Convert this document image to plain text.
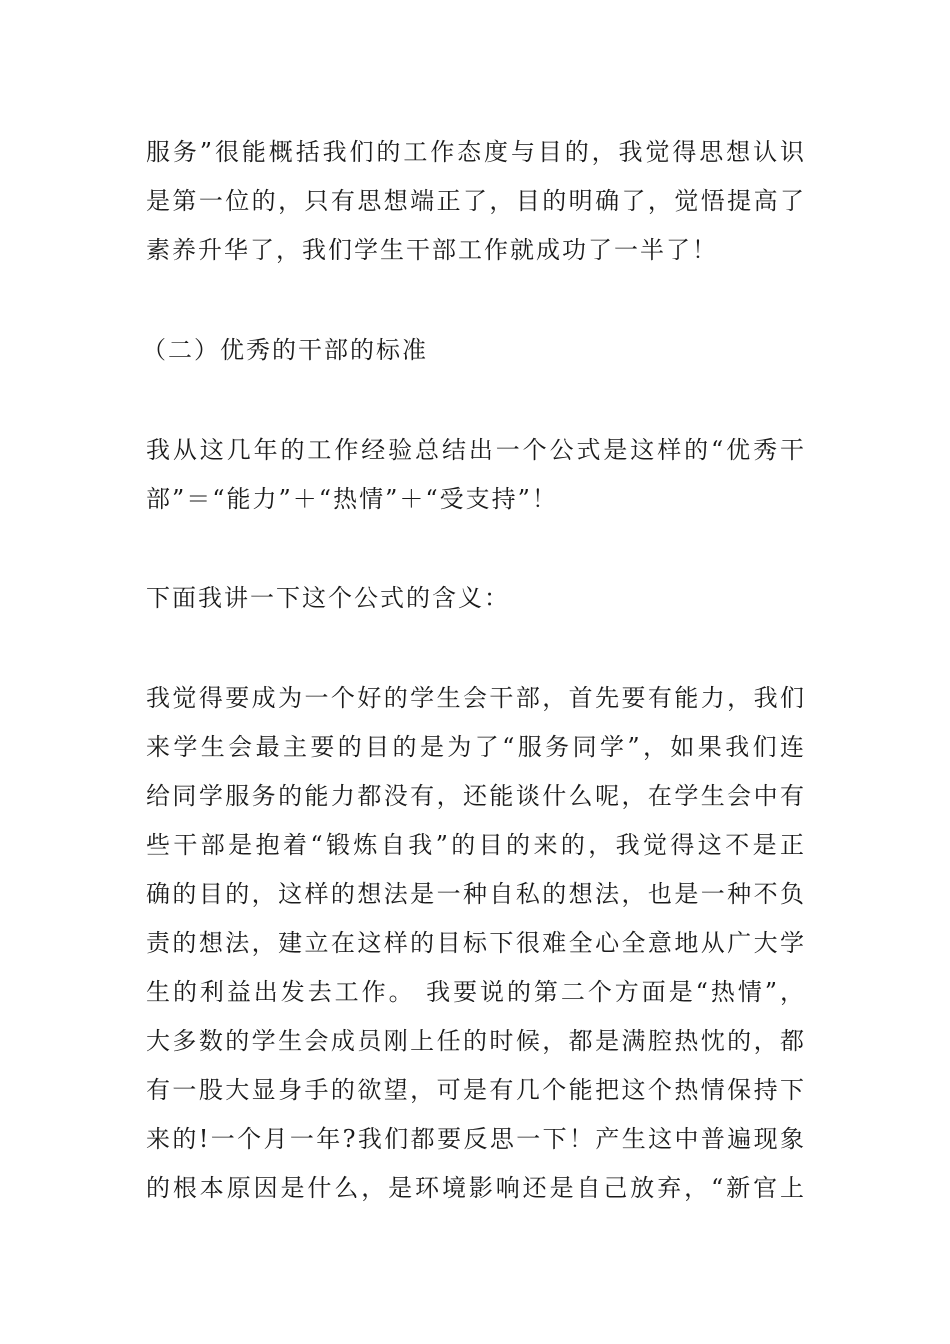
服务”很能概括我们的工作态度与目的，我觉得思想认识
是第一位的，只有思想端正了，目的明确了，觉悟提高了
素养升华了，我们学生干部工作就成功了一半了！
（二）优秀的干部的标准
我从这几年的工作经验总结出一个公式是这样的“优秀干
部”＝“能力”＋“热情”＋“受支持”！
下面我讲一下这个公式的含义：
我觉得要成为一个好的学生会干部，首先要有能力，我们
来学生会最主要的目的是为了“服务同学”，如果我们连
给同学服务的能力都没有，还能谈什么呢，在学生会中有
些干部是抱着“锻炼自我”的目的来的，我觉得这不是正
确的目的，这样的想法是一种自私的想法，也是一种不负
责的想法，建立在这样的目标下很难全心全意地从广大学
生的利益出发去工作。 我要说的第二个方面是“热情”，
大多数的学生会成员刚上任的时候，都是满腔热忱的，都
有一股大显身手的欲望，可是有几个能把这个热情保持下
来的!一个月一年?我们都要反思一下！产生这中普遍现象
的根本原因是什么，是环境影响还是自己放弃，“新官上
